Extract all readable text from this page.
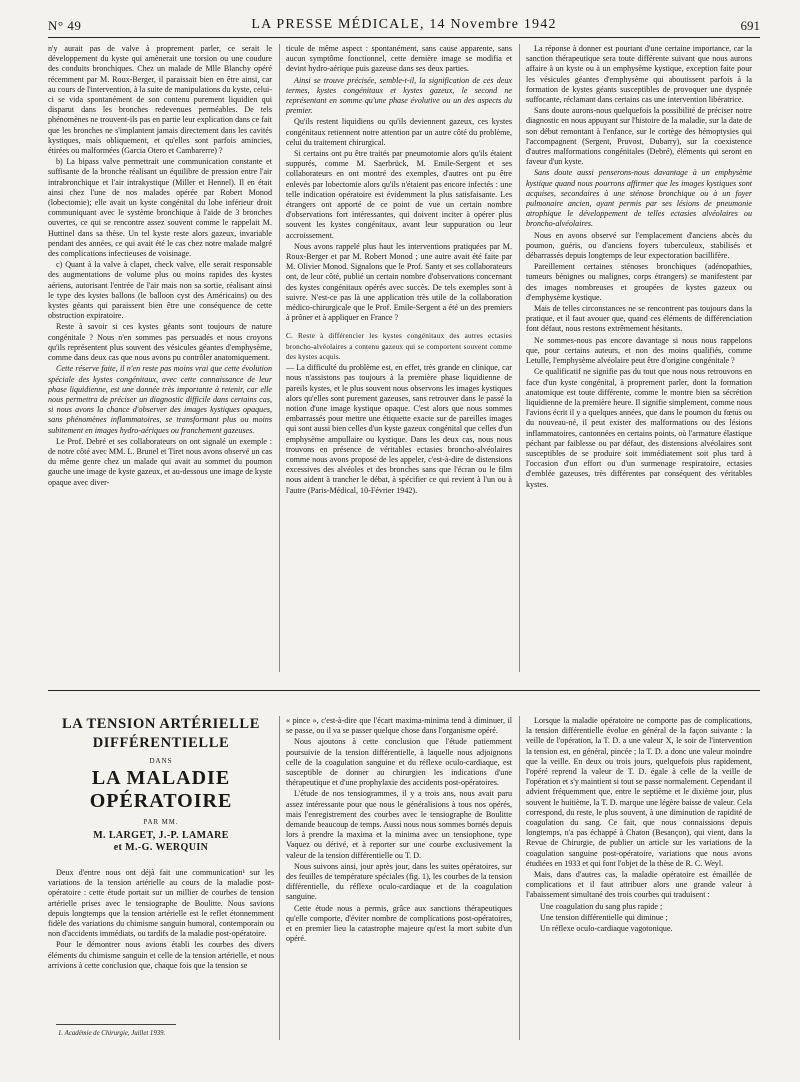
N° 49	LA PRESSE MÉDICALE, 14 Novembre 1942	691

n'y aurait pas de valve à proprement parler, ce serait le développement du kyste qui amènerait une torsion ou une coudure des conduits bronchiques. Chez un malade de Mlle Blanchy opéré récemment par M. Roux-Berger, il paraissait bien en être ainsi, car au cours de l'intervention, à la suite de manipulations du kyste, celui-ci se vida spontanément de son contenu purement liquidien qui disparut dans les bronches redevenues perméables. De tels phénomènes ne trouvent-ils pas en partie leur explication dans ce fait que les bronches ne s'implantent jamais directement dans les cavités kystiques, mais obliquement, et qu'elles sont parfois amincies, étirées ou malformées (Garcia Otero et Cambarerre) ?

b) La bipass valve permettrait une communication constante et suffisante de la bronche réalisant un équilibre de pression entre l'air intrabronchique et l'air intrakystique (Miller et Hennel). Il en était ainsi chez l'une de nos malades opérée par Robert Monod (lobectomie); elle avait un kyste congénital du lobe inférieur droit communiquant avec le système bronchique à l'aide de 3 bronches ouvertes, ce qui se rencontre assez souvent comme le rappelait M. Huttinel dans sa thèse. Un tel kyste reste alors gazeux, invariable pendant des années, ce qui avait été le cas chez notre malade malgré des complications infectieuses de voisinage.

c) Quant à la valve à clapet, check valve, elle serait responsable des augmentations de volume plus ou moins rapides des kystes aériens, autorisant l'entrée de l'air mais non sa sortie, réalisant ainsi le type des kystes ballons (le balloon cyst des Américains) ou des kystes géants qui paraissent bien être une conséquence de cette obstruction expiratoire.

Reste à savoir si ces kystes géants sont toujours de nature congénitale ? Nous n'en sommes pas persuadés et nous croyons qu'ils représentent plus souvent des vésicules géantes d'emphysème, comme dans deux cas que nous avons pu contrôler anatomiquement.

Cette réserve faite, il n'en reste pas moins vrai que cette évolution spéciale des kystes congénitaux, avec cette connaissance de leur phase liquidienne, est une donnée très importante à retenir, car elle nous permettra de préciser un diagnostic difficile dans certains cas, si nous avons la chance d'observer des images kystiques opaques, sans phénomènes inflammatoires, se transformant plus ou moins subitement en images hydro-aériques ou franchement gazeuses.

Le Prof. Debré et ses collaborateurs on ont signalé un exemple : de notre côté avec MM. L. Brunel et Tiret nous avons observé un cas du même genre chez un malade qui avait au sommet du poumon gauche une image de kyste gazeux, et au-dessous une image de kyste opaque avec diver-

ticule de même aspect : spontanément, sans cause apparente, sans aucun symptôme fonctionnel, cette dernière image se modifia et devint hydro-aérique puis gazeuse dans ses deux parties.

Ainsi se trouve précisée, semble-t-il, la signification de ces deux termes, kystes congénitaux et kystes gazeux, le second ne représentant en somme qu'une phase évolutive ou un des aspects du premier.

Qu'ils restent liquidiens ou qu'ils deviennent gazeux, ces kystes congénitaux retiennent notre attention par un autre côté du problème, celui du traitement chirurgical.

Si certains ont pu être traités par pneumotomie alors qu'ils étaient suppurés, comme M. Saerbrück, M. Emile-Sergent et ses collaborateurs en ont montré des exemples, d'autres ont pu être enlevés par lobectomie alors qu'ils n'étaient pas encore infectés : une telle indication opératoire est évidemment la plus satisfaisante. Les étrangers ont apporté de ce point de vue un certain nombre d'observations fort intéressantes, qui doivent inciter à opérer plus souvent les kystes congénitaux, avant leur suppuration ou leur accroissement.

Nous avons rappelé plus haut les interventions pratiquées par M. Roux-Berger et par M. Robert Monod ; une autre avait été faite par M. Olivier Monod. Signalons que le Prof. Santy et ses collaborateurs ont, de leur côté, publié un certain nombre d'observations concernant des kystes congénitaux opérés avec succès. De tels exemples sont à suivre. N'est-ce pas là une application très utile de la collaboration médico-chirurgicale que le Prof. Emile-Sergent a été un des premiers à prôner et à appliquer en France ?

C. Reste à différencier les kystes congénitaux des autres ectasies broncho-alvéolaires a contenu gazeux qui se comportent souvent comme des kystes acquis.

— La difficulté du problème est, en effet, très grande en clinique, car nous n'assistons pas toujours à la première phase liquidienne de pareils kystes, et le plus souvent nous observons les images kystiques alors qu'elles sont purement gazeuses, sans retrouver dans le passé la notion d'une image kystique opaque. C'est alors que nous sommes embarrassés pour mettre une étiquette exacte sur de pareilles images qui sont aussi bien celles d'un kyste gazeux congénital que celles d'un emphysème ampullaire ou kystique. Dans les deux cas, nous nous trouvons en présence de véritables ectasies broncho-alvéolaires comme nous avons proposé de les appeler, c'est-à-dire de distensions excessives des alvéoles et des bronches sans que l'écran ou le film nous aident à trancher le débat, à spécifier ce qui revient à l'un ou à l'autre (Paris-Médical, 10-Février 1942).

La réponse à donner est pourtant d'une certaine importance, car la sanction thérapeutique sera toute différente suivant que nous aurons affaire à un kyste ou à un emphysème kystique, exception faite pour les vésicules géantes d'emphysème qui aboutissent parfois à la formation de kystes géants susceptibles de provoquer une dyspnée suffocante, réclamant dans certains cas une intervention libératrice.

Sans doute aurons-nous quelquefois la possibilité de préciser notre diagnostic en nous appuyant sur l'histoire de la maladie, sur la date de son début remontant à l'enfance, sur le cortège des hémoptysies qui l'accompagnent (Sergent, Pruvost, Dubarry), sur la coexistence d'autres malformations congénitales (Debré), éléments qui seront en faveur d'un kyste.

Sans doute aussi penserons-nous davantage à un emphysème kystique quand nous pourrons affirmer que les images kystiques sont acquises, secondaires à une sténose bronchique ou à un foyer pulmonaire ancien, ayant permis par ses lésions de pneumonie atrophique le développement de telles ectasies alvéolaires ou broncho-alvéolaires.

Nous en avons observé sur l'emplacement d'anciens abcès du poumon, guéris, ou d'anciens foyers tuberculeux, stabilisés et débarrassés depuis longtemps de leur expectoration bacillifère.

Pareillement certaines sténoses bronchiques (adénopathies, tumeurs bénignes ou malignes, corps étrangers) se manifestent par des images nombreuses et groupées de kystes gazeux ou d'emphysème kystique.

Mais de telles circonstances ne se rencontrent pas toujours dans la pratique, et il faut avouer que, quand ces éléments de différenciation font défaut, nous restons extrêmement hésitants.

Ne sommes-nous pas encore davantage si nous nous rappelons que, pour certains auteurs, et non des moins qualifiés, comme Letulle, l'emphysème alvéolaire peut être d'origine congénitale ?

Ce qualificatif ne signifie pas du tout que nous nous retrouvons en face d'un kyste congénital, à proprement parler, dont la formation anatomique est toute différente, comme le montre bien sa sécrétion liquidienne de la première heure. Il signifie simplement, comme nous l'avions écrit il y a quelques années, que dans le poumon du fœtus ou du nouveau-né, il peut exister des malformations ou des lésions inflammatoires, cantonnées en certains points, où l'armature élastique péchant par faiblesse ou par défaut, des distensions alvéolaires sont susceptibles de se produire soit immédiatement soit plus tard à l'occasion d'un effort ou d'un surmenage respiratoire, ectasies d'emblée gazeuses, très différentes par conséquent des véritables kystes.

LA TENSION ARTÉRIELLE
DIFFÉRENTIELLE
DANS
LA MALADIE OPÉRATOIRE
PAR MM.
M. LARGET, J.-P. LAMARE
et M.-G. WERQUIN

Deux d'entre nous ont déjà fait une communication¹ sur les variations de la tension artérielle au cours de la maladie post-opératoire : cette étude portait sur un millier de courbes de tension artérielle prises avec le tensiographe de Boulitte. Nous savions depuis longtemps que la tension artérielle est le reflet étonnemment fidèle des variations du chimisme sanguin humoral, contemporain ou non d'accidents immédiats, ou tardifs de la maladie post-opératoire.

Pour le démontrer nous avions établi les courbes des divers éléments du chimisme sanguin et celle de la tension artérielle, et nous arrivions à cette conclusion que, chaque fois que la tension se

« pince », c'est-à-dire que l'écart maxima-minima tend à diminuer, il se passe, ou il va se passer quelque chose dans l'organisme opéré.

Nous ajoutons à cette conclusion que l'étude patiemment poursuivie de la tension différentielle, à laquelle nous adjoignons celle de la coagulation sanguine et du réflexe oculo-cardiaque, est susceptible de donner au chirurgien les indications d'une thérapeutique et d'une prophylaxie des accidents post-opératoires.

L'étude de nos tensiogrammes, il y a trois ans, nous avait paru assez intéressante pour que nous le généralisions à tous nos opérés, mais l'enregistrement des courbes avec le tensiographe de Boulitte demande beaucoup de temps. Aussi nous nous sommes bornés depuis lors à prendre la maxima et la minima avec un tensiophone, type Vaquez ou dérivé, et à reporter sur une courbe exclusivement la valeur de la tension différentielle ou T. D.

Nous suivons ainsi, jour après jour, dans les suites opératoires, sur des feuilles de température spéciales (fig. 1), les courbes de la tension différentielle, du réflexe oculo-cardiaque et de la coagulation sanguine.

Cette étude nous a permis, grâce aux sanctions thérapeutiques qu'elle comporte, d'éviter nombre de complications post-opératoires, et en premier lieu la catastrophe majeure qu'est la mort subite d'un opéré.

Lorsque la maladie opératoire ne comporte pas de complications, la tension différentielle évolue en général de la façon suivante : la veille de l'opération, la T. D. a une valeur X, le soir de l'intervention la tension est, en général, pincée ; la T. D. a donc une valeur moindre que la veille. En deux ou trois jours, quelquefois plus rapidement, l'opéré reprend la valeur de T. D. égale à celle de la veille de l'opération et s'y maintient si tout se passe normalement. Cependant il advient fréquemment que, entre le septième et le dixième jour, plus souvent le huitième, la T. D. marque une légère baisse de valeur. Cela correspond, du reste, le plus souvent, à une diminution de rapidité de coagulation du sang. Ce fait, que nous connaissions depuis longtemps, n'a pas échappé à Chaton (Besançon), qui vient, dans la Revue de Chirurgie, de publier un article sur les variations de la coagulation sanguine post-opératoire, variations que nous avons étudiées en 1933 et qui font l'objet de la thèse de R. C. Weyl.

Mais, dans d'autres cas, la maladie opératoire est émaillée de complications et il faut attribuer alors une grande valeur à l'abaissement simultané des trois courbes qui traduisent :

Une coagulation du sang plus rapide ;

Une tension différentielle qui diminue ;

Un réflexe oculo-cardiaque vagotonique.

1. Académie de Chirurgie, Juillet 1939.
